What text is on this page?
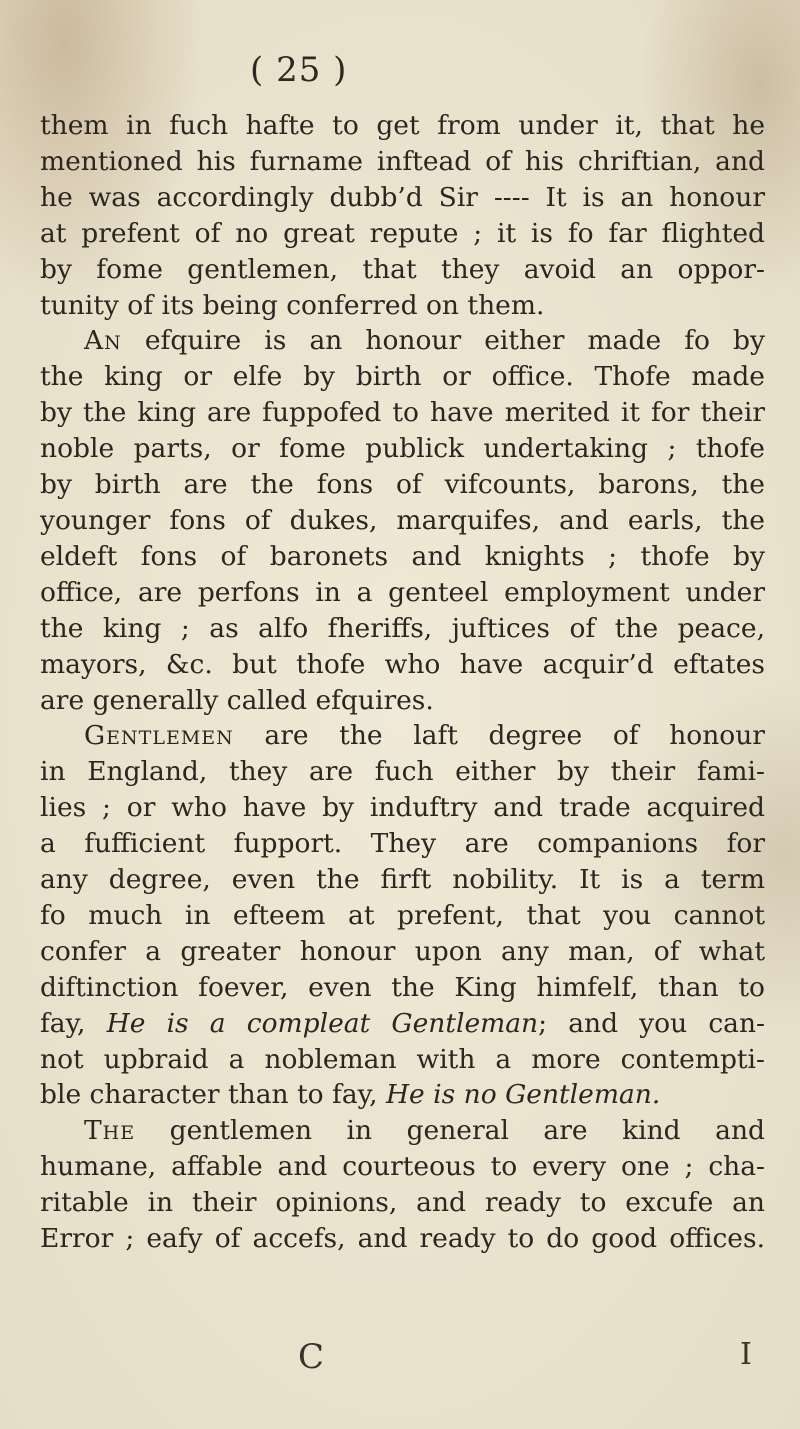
( 25 )
them in fuch hafte to get from under it, that he
mentioned his furname inftead of his chriftian, and
he was accordingly dubb’d Sir ---- It is an honour
at prefent of no great repute ; it is fo far flighted
by fome gentlemen, that they avoid an oppor-
tunity of its being conferred on them.
An efquire is an honour either made fo by
the king or elfe by birth or office. Thofe made
by the king are fuppofed to have merited it for their
noble parts, or fome publick undertaking ; thofe
by birth are the fons of vifcounts, barons, the
younger fons of dukes, marquifes, and earls, the
eldeft fons of baronets and knights ; thofe by
office, are perfons in a genteel employment under
the king ; as alfo fheriffs, juftices of the peace,
mayors, &c. but thofe who have acquir’d eftates
are generally called efquires.
Gentlemen are the laft degree of honour
in England, they are fuch either by their fami-
lies ; or who have by induftry and trade acquired
a fufficient fupport. They are companions for
any degree, even the firft nobility. It is a term
fo much in efteem at prefent, that you cannot
confer a greater honour upon any man, of what
diftinction foever, even the King himfelf, than to
fay, He is a compleat Gentleman; and you can-
not upbraid a nobleman with a more contempti-
ble character than to fay, He is no Gentleman.
The gentlemen in general are kind and
humane, affable and courteous to every one ; cha-
ritable in their opinions, and ready to excufe an
Error ; eafy of accefs, and ready to do good offices.
C	I
